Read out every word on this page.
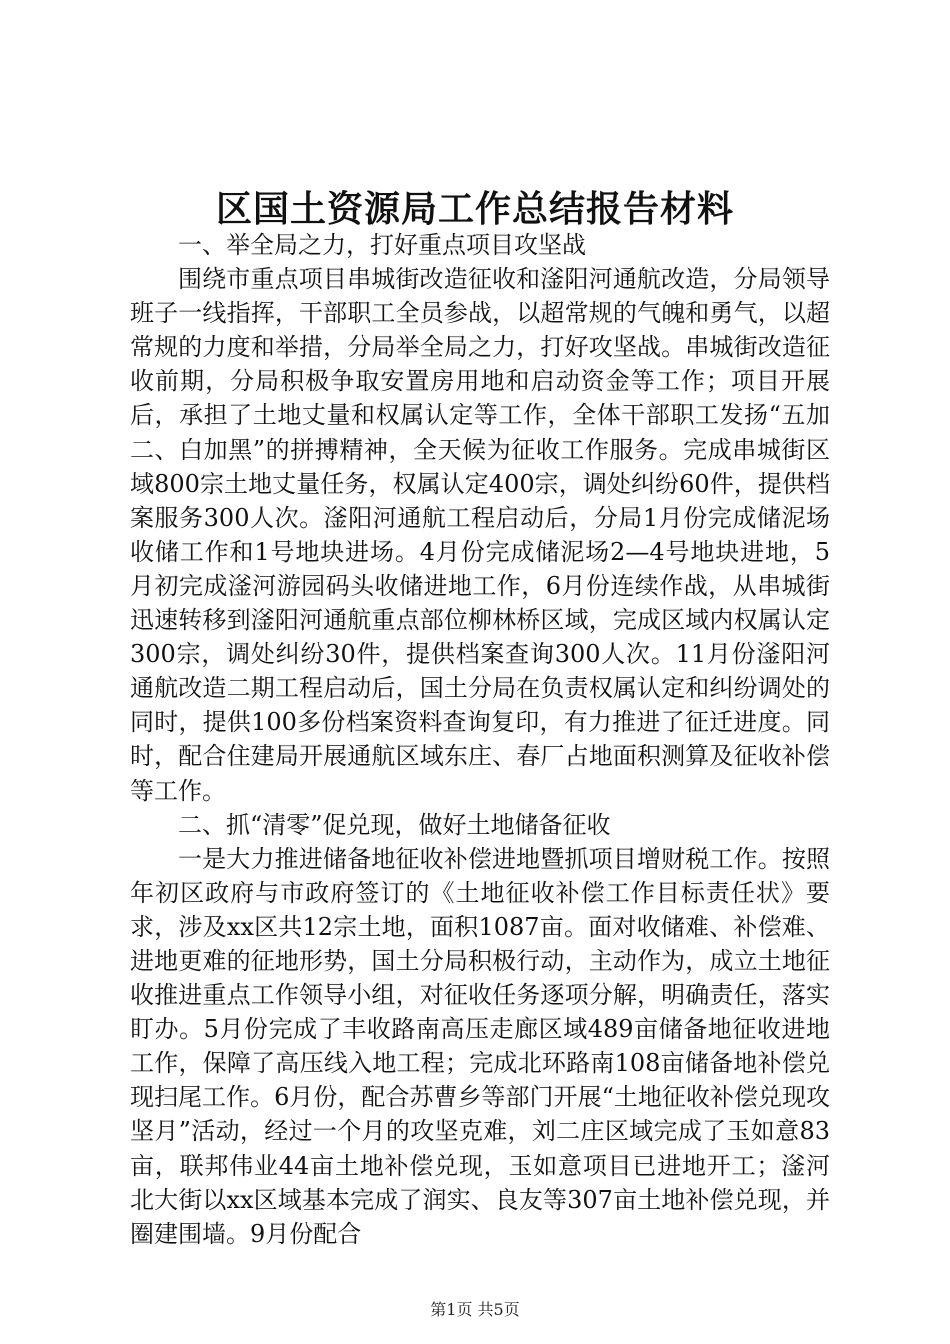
区国土资源局工作总结报告材料

一、举全局之力，打好重点项目攻坚战

围绕市重点项目串城街改造征收和滏阳河通航改造，分局领导班子一线指挥，干部职工全员参战，以超常规的气魄和勇气，以超常规的力度和举措，分局举全局之力，打好攻坚战。串城街改造征收前期，分局积极争取安置房用地和启动资金等工作；项目开展后，承担了土地丈量和权属认定等工作，全体干部职工发扬“五加二、白加黑”的拼搏精神，全天候为征收工作服务。完成串城街区域800宗土地丈量任务，权属认定400宗，调处纠纷60件，提供档案服务300人次。滏阳河通航工程启动后，分局1月份完成储泥场收储工作和1号地块进场。4月份完成储泥场2—4号地块进地，5月初完成滏河游园码头收储进地工作，6月份连续作战，从串城街迅速转移到滏阳河通航重点部位柳林桥区域，完成区域内权属认定300宗，调处纠纷30件，提供档案查询300人次。11月份滏阳河通航改造二期工程启动后，国土分局在负责权属认定和纠纷调处的同时，提供100多份档案资料查询复印，有力推进了征迁进度。同时，配合住建局开展通航区域东庄、春厂占地面积测算及征收补偿等工作。

二、抓“清零”促兑现，做好土地储备征收

一是大力推进储备地征收补偿进地暨抓项目增财税工作。按照年初区政府与市政府签订的《土地征收补偿工作目标责任状》要求，涉及xx区共12宗土地，面积1087亩。面对收储难、补偿难、进地更难的征地形势，国土分局积极行动，主动作为，成立土地征收推进重点工作领导小组，对征收任务逐项分解，明确责任，落实盯办。5月份完成了丰收路南高压走廊区域489亩储备地征收进地工作，保障了高压线入地工程；完成北环路南108亩储备地补偿兑现扫尾工作。6月份，配合苏曹乡等部门开展“土地征收补偿兑现攻坚月”活动，经过一个月的攻坚克难，刘二庄区域完成了玉如意83亩，联邦伟业44亩土地补偿兑现，玉如意项目已进地开工；滏河北大街以xx区域基本完成了润实、良友等307亩土地补偿兑现，并圈建围墙。9月份配合

第1页 共5页
